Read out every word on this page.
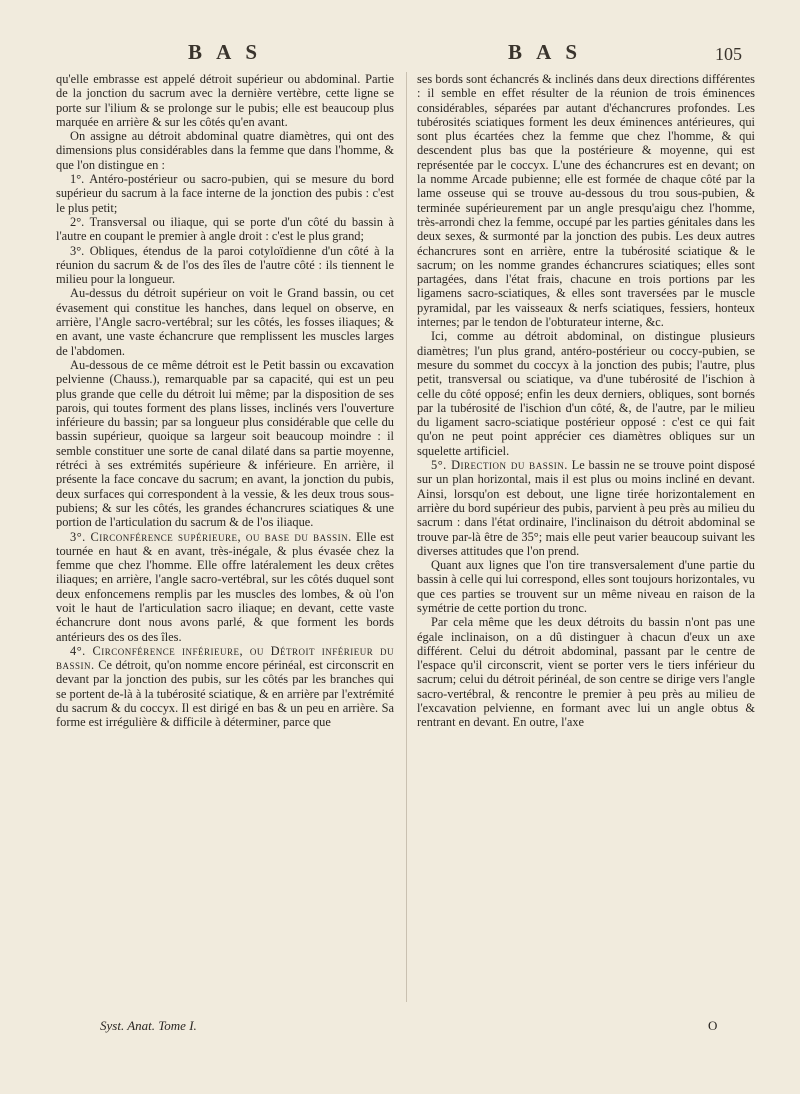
B A S	B A S	105

qu'elle embrasse est appelé détroit supérieur ou abdominal. Partie de la jonction du sacrum avec la dernière vertèbre, cette ligne se porte sur l'ilium & se prolonge sur le pubis; elle est beaucoup plus marquée en arrière & sur les côtés qu'en avant.

On assigne au détroit abdominal quatre diamètres, qui ont des dimensions plus considérables dans la femme que dans l'homme, & que l'on distingue en :

1°. Antéro-postérieur ou sacro-pubien, qui se mesure du bord supérieur du sacrum à la face interne de la jonction des pubis : c'est le plus petit;

2°. Transversal ou iliaque, qui se porte d'un côté du bassin à l'autre en coupant le premier à angle droit : c'est le plus grand;

3°. Obliques, étendus de la paroi cotyloïdienne d'un côté à la réunion du sacrum & de l'os des îles de l'autre côté : ils tiennent le milieu pour la longueur.

Au-dessus du détroit supérieur on voit le Grand bassin, ou cet évasement qui constitue les hanches, dans lequel on observe, en arrière, l'Angle sacro-vertébral; sur les côtés, les fosses iliaques; & en avant, une vaste échancrure que remplissent les muscles larges de l'abdomen.

Au-dessous de ce même détroit est le Petit bassin ou excavation pelvienne (Chauss.), remarquable par sa capacité, qui est un peu plus grande que celle du détroit lui même; par la disposition de ses parois, qui toutes forment des plans lisses, inclinés vers l'ouverture inférieure du bassin; par sa longueur plus considérable que celle du bassin supérieur, quoique sa largeur soit beaucoup moindre : il semble constituer une sorte de canal dilaté dans sa partie moyenne, rétréci à ses extrémités supérieure & inférieure. En arrière, il présente la face concave du sacrum; en avant, la jonction du pubis, deux surfaces qui correspondent à la vessie, & les deux trous sous-pubiens; & sur les côtés, les grandes échancrures sciatiques & une portion de l'articulation du sacrum & de l'os iliaque.

3°. Circonférence supérieure, ou base du bassin. Elle est tournée en haut & en avant, très-inégale, & plus évasée chez la femme que chez l'homme. Elle offre latéralement les deux crêtes iliaques; en arrière, l'angle sacro-vertébral, sur les côtés duquel sont deux enfoncemens remplis par les muscles des lombes, & où l'on voit le haut de l'articulation sacro iliaque; en devant, cette vaste échancrure dont nous avons parlé, & que forment les bords antérieurs des os des îles.

4°. Circonférence inférieure, ou Détroit inférieur du bassin. Ce détroit, qu'on nomme encore périnéal, est circonscrit en devant par la jonction des pubis, sur les côtés par les branches qui se portent de-là à la tubérosité sciatique, & en arrière par l'extrémité du sacrum & du coccyx. Il est dirigé en bas & un peu en arrière. Sa forme est irrégulière & difficile à déterminer, parce que

ses bords sont échancrés & inclinés dans deux directions différentes : il semble en effet résulter de la réunion de trois éminences considérables, séparées par autant d'échancrures profondes. Les tubérosités sciatiques forment les deux éminences antérieures, qui sont plus écartées chez la femme que chez l'homme, & qui descendent plus bas que la postérieure & moyenne, qui est représentée par le coccyx. L'une des échancrures est en devant; on la nomme Arcade pubienne; elle est formée de chaque côté par la lame osseuse qui se trouve au-dessous du trou sous-pubien, & terminée supérieurement par un angle presqu'aigu chez l'homme, très-arrondi chez la femme, occupé par les parties génitales dans les deux sexes, & surmonté par la jonction des pubis. Les deux autres échancrures sont en arrière, entre la tubérosité sciatique & le sacrum; on les nomme grandes échancrures sciatiques; elles sont partagées, dans l'état frais, chacune en trois portions par les ligamens sacro-sciatiques, & elles sont traversées par le muscle pyramidal, par les vaisseaux & nerfs sciatiques, fessiers, honteux internes; par le tendon de l'obturateur interne, &c.

Ici, comme au détroit abdominal, on distingue plusieurs diamètres; l'un plus grand, antéro-postérieur ou coccy-pubien, se mesure du sommet du coccyx à la jonction des pubis; l'autre, plus petit, transversal ou sciatique, va d'une tubérosité de l'ischion à celle du côté opposé; enfin les deux derniers, obliques, sont bornés par la tubérosité de l'ischion d'un côté, &, de l'autre, par le milieu du ligament sacro-sciatique postérieur opposé : c'est ce qui fait qu'on ne peut point apprécier ces diamètres obliques sur un squelette artificiel.

5°. Direction du bassin. Le bassin ne se trouve point disposé sur un plan horizontal, mais il est plus ou moins incliné en devant. Ainsi, lorsqu'on est debout, une ligne tirée horizontalement en arrière du bord supérieur des pubis, parvient à peu près au milieu du sacrum : dans l'état ordinaire, l'inclinaison du détroit abdominal se trouve par-là être de 35°; mais elle peut varier beaucoup suivant les diverses attitudes que l'on prend.

Quant aux lignes que l'on tire transversalement d'une partie du bassin à celle qui lui correspond, elles sont toujours horizontales, vu que ces parties se trouvent sur un même niveau en raison de la symétrie de cette portion du tronc.

Par cela même que les deux détroits du bassin n'ont pas une égale inclinaison, on a dû distinguer à chacun d'eux un axe différent. Celui du détroit abdominal, passant par le centre de l'espace qu'il circonscrit, vient se porter vers le tiers inférieur du sacrum; celui du détroit périnéal, de son centre se dirige vers l'angle sacro-vertébral, & rencontre le premier à peu près au milieu de l'excavation pelvienne, en formant avec lui un angle obtus & rentrant en devant. En outre, l'axe

Syst. Anat. Tome I.	O
